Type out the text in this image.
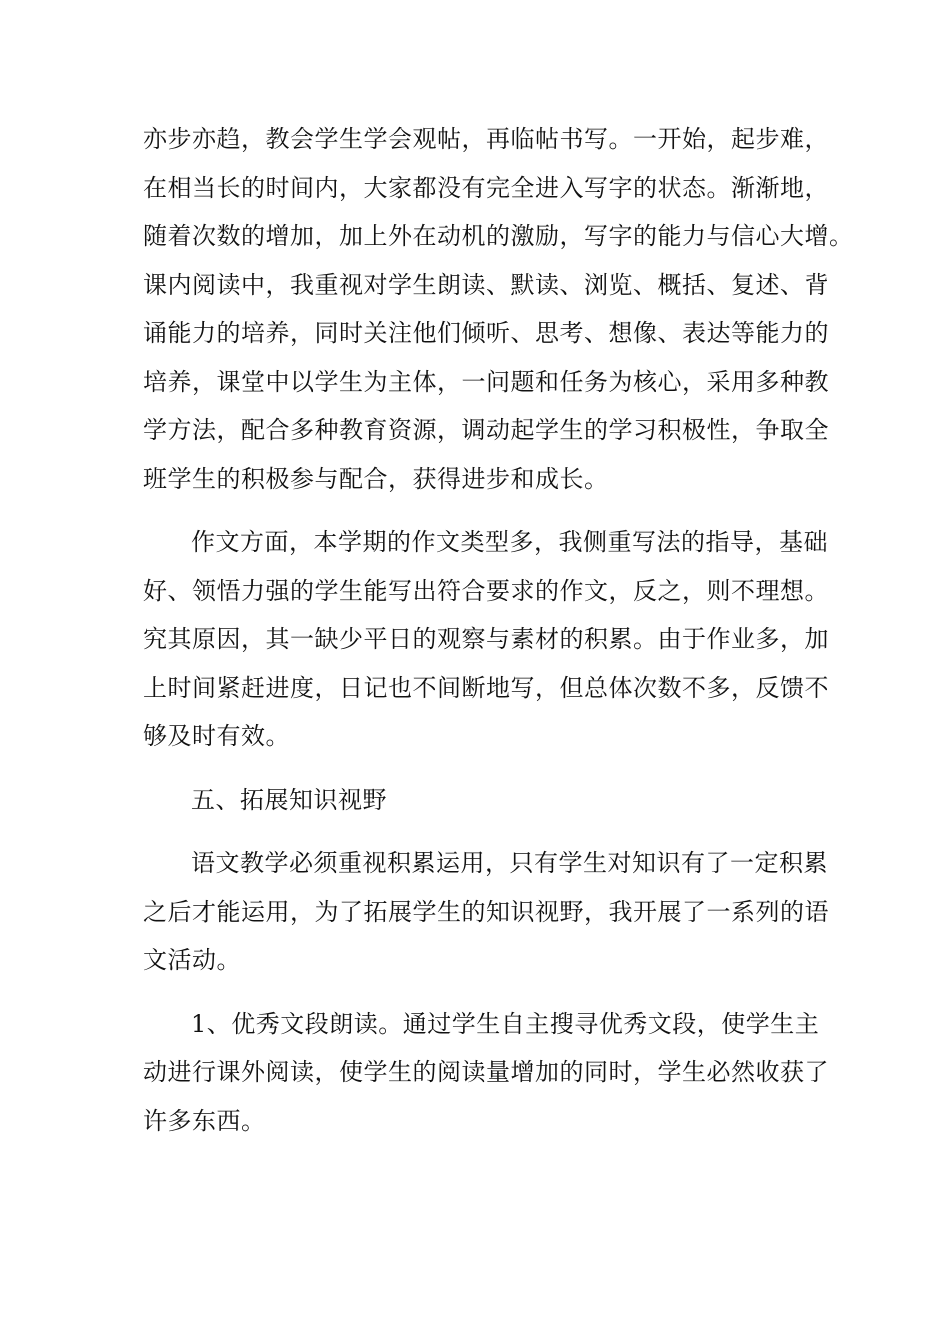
亦步亦趋，教会学生学会观帖，再临帖书写。一开始，起步难，
在相当长的时间内，大家都没有完全进入写字的状态。渐渐地，
随着次数的增加，加上外在动机的激励，写字的能力与信心大增。
课内阅读中，我重视对学生朗读、默读、浏览、概括、复述、背
诵能力的培养，同时关注他们倾听、思考、想像、表达等能力的
培养，课堂中以学生为主体，一问题和任务为核心，采用多种教
学方法，配合多种教育资源，调动起学生的学习积极性，争取全
班学生的积极参与配合，获得进步和成长。
作文方面，本学期的作文类型多，我侧重写法的指导，基础
好、领悟力强的学生能写出符合要求的作文，反之，则不理想。
究其原因，其一缺少平日的观察与素材的积累。由于作业多，加
上时间紧赶进度，日记也不间断地写，但总体次数不多，反馈不
够及时有效。
五、拓展知识视野
语文教学必须重视积累运用，只有学生对知识有了一定积累
之后才能运用，为了拓展学生的知识视野，我开展了一系列的语
文活动。
1、优秀文段朗读。通过学生自主搜寻优秀文段，使学生主
动进行课外阅读，使学生的阅读量增加的同时，学生必然收获了
许多东西。
